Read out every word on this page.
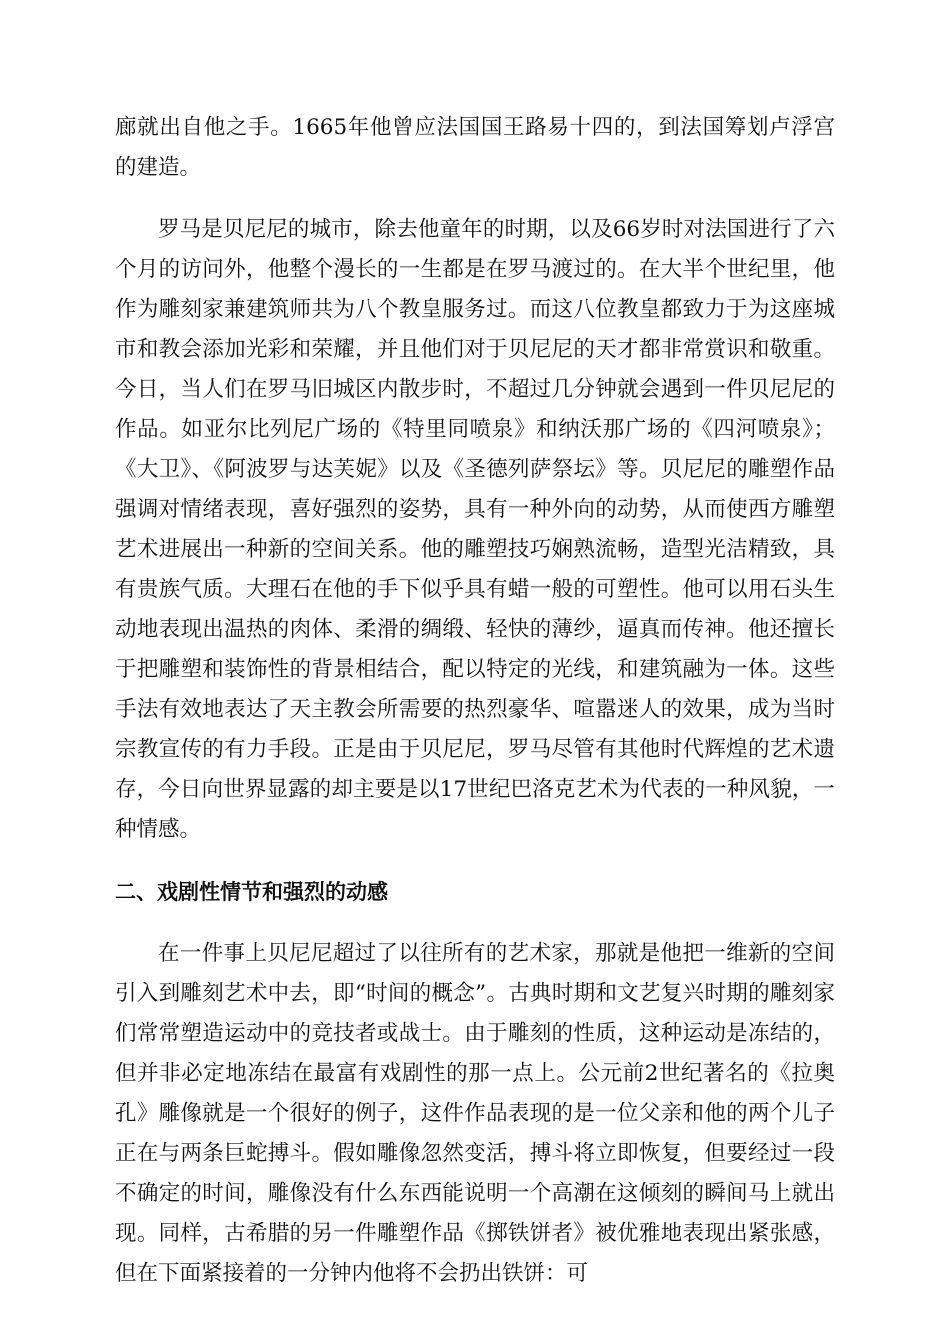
廊就出自他之手。1665年他曾应法国国王路易十四的，到法国筹划卢浮宫的建造。

罗马是贝尼尼的城市，除去他童年的时期，以及66岁时对法国进行了六个月的访问外，他整个漫长的一生都是在罗马渡过的。在大半个世纪里，他作为雕刻家兼建筑师共为八个教皇服务过。而这八位教皇都致力于为这座城市和教会添加光彩和荣耀，并且他们对于贝尼尼的天才都非常赏识和敬重。今日，当人们在罗马旧城区内散步时，不超过几分钟就会遇到一件贝尼尼的作品。如亚尔比列尼广场的《特里同喷泉》和纳沃那广场的《四河喷泉》；《大卫》、《阿波罗与达芙妮》以及《圣德列萨祭坛》等。贝尼尼的雕塑作品强调对情绪表现，喜好强烈的姿势，具有一种外向的动势，从而使西方雕塑艺术进展出一种新的空间关系。他的雕塑技巧娴熟流畅，造型光洁精致，具有贵族气质。大理石在他的手下似乎具有蜡一般的可塑性。他可以用石头生动地表现出温热的肉体、柔滑的绸缎、轻快的薄纱，逼真而传神。他还擅长于把雕塑和装饰性的背景相结合，配以特定的光线，和建筑融为一体。这些手法有效地表达了天主教会所需要的热烈豪华、喧嚣迷人的效果，成为当时宗教宣传的有力手段。正是由于贝尼尼，罗马尽管有其他时代辉煌的艺术遗存，今日向世界显露的却主要是以17世纪巴洛克艺术为代表的一种风貌，一种情感。

二、戏剧性情节和强烈的动感

在一件事上贝尼尼超过了以往所有的艺术家，那就是他把一维新的空间引入到雕刻艺术中去，即“时间的概念”。古典时期和文艺复兴时期的雕刻家们常常塑造运动中的竞技者或战士。由于雕刻的性质，这种运动是冻结的，但并非必定地冻结在最富有戏剧性的那一点上。公元前2世纪著名的《拉奥孔》雕像就是一个很好的例子，这件作品表现的是一位父亲和他的两个儿子正在与两条巨蛇搏斗。假如雕像忽然变活，搏斗将立即恢复，但要经过一段不确定的时间，雕像没有什么东西能说明一个高潮在这倾刻的瞬间马上就出现。同样，古希腊的另一件雕塑作品《掷铁饼者》被优雅地表现出紧张感，但在下面紧接着的一分钟内他将不会扔出铁饼：可
